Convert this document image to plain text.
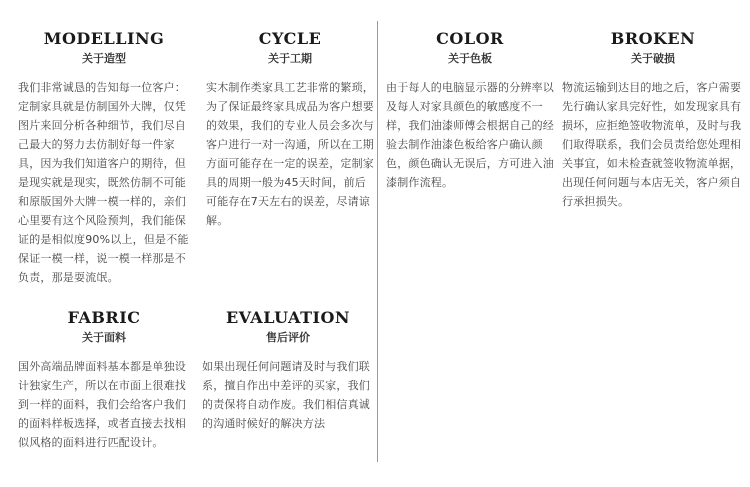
MODELLING
关于造型
我们非常诚恳的告知每一位客户：定制家具就是仿制国外大牌，仅凭图片来回分析各种细节，我们尽自己最大的努力去仿制好每一件家具，因为我们知道客户的期待，但是现实就是现实，既然仿制不可能和原版国外大牌一模一样的，亲们心里要有这个风险预判，我们能保证的是相似度90%以上，但是不能保证一模一样，说一模一样那是不负责，那是耍流氓。
CYCLE
关于工期
实木制作类家具工艺非常的繁琐，为了保证最终家具成品为客户想要的效果，我们的专业人员会多次与客户进行一对一沟通，所以在工期方面可能存在一定的误差，定制家具的周期一般为45天时间，前后可能存在7天左右的误差，尽请谅解。
COLOR
关于色板
由于每人的电脑显示器的分辨率以及每人对家具颜色的敏感度不一样，我们油漆师傅会根据自己的经验去制作油漆色板给客户确认颜色，颜色确认无误后，方可进入油漆制作流程。
BROKEN
关于破损
物流运输到达目的地之后，客户需要先行确认家具完好性，如发现家具有损坏，应拒绝签收物流单，及时与我们取得联系，我们会员责给您处理相关事宜，如未检查就签收物流单据，出现任何问题与本店无关，客户须自行承担损失。
FABRIC
关于面料
国外高端品牌面料基本都是单独设计独家生产，所以在市面上很难找到一样的面料，我们会给客户我们的面料样板选择，或者直接去找相似风格的面料进行匹配设计。
EVALUATION
售后评价
如果出现任何问题请及时与我们联系，擅自作出中差评的买家，我们的责保将自动作废。我们相信真诚的沟通时候好的解决方法
